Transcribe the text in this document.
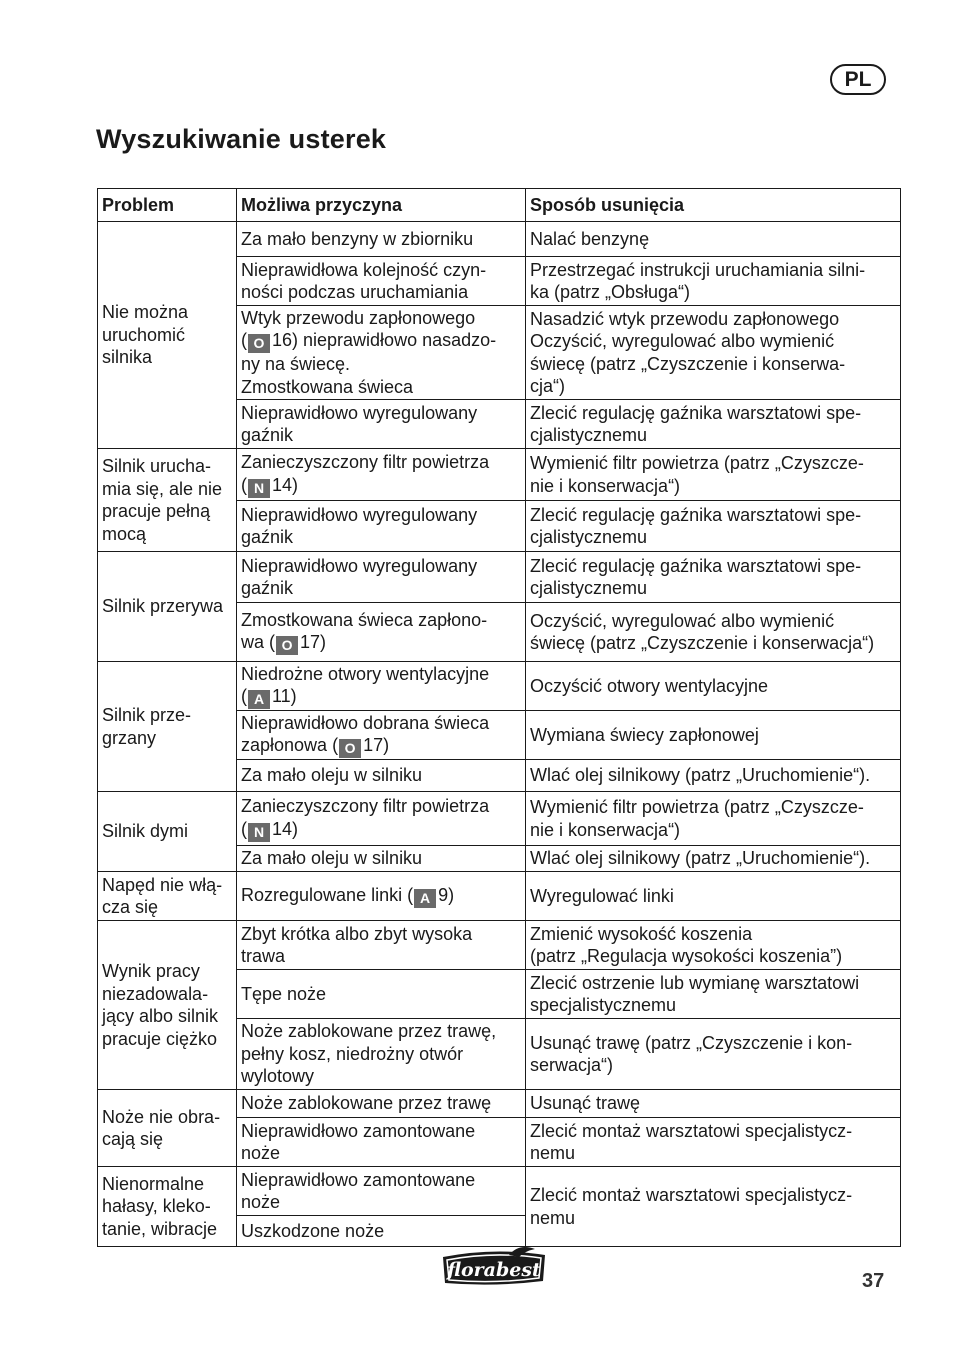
PL
Wyszukiwanie usterek
Problem	Możliwa przyczyna	Sposób usunięcia

Nie można
uruchomić
silnika	Za mało benzyny w zbiorniku	Nalać benzynę

	Nieprawidłowa kolejność czyn-
ności podczas uruchamiania	Przestrzegać instrukcji uruchamiania silni-
ka (patrz „Obsługa“)

	Wtyk przewodu zapłonowego
( O 16) nieprawidłowo nasadzo-
ny na świecę.
Zmostkowana świeca	Nasadzić wtyk przewodu zapłonowego
Oczyścić, wyregulować albo wymienić
świecę (patrz „Czyszczenie i konserwa-
cja“)

	Nieprawidłowo wyregulowany
gaźnik	Zlecić regulację gaźnika warsztatowi spe-
cjalistycznemu

Silnik urucha-
mia się, ale nie
pracuje pełną
mocą	Zanieczyszczony filtr powietrza
( N 14)	Wymienić filtr powietrza (patrz „Czyszcze-
nie i konserwacja“)

	Nieprawidłowo wyregulowany
gaźnik	Zlecić regulację gaźnika warsztatowi spe-
cjalistycznemu

Silnik przerywa	Nieprawidłowo wyregulowany
gaźnik	Zlecić regulację gaźnika warsztatowi spe-
cjalistycznemu

	Zmostkowana świeca zapłono-
wa ( O 17)	Oczyścić, wyregulować albo wymienić
świecę (patrz „Czyszczenie i konserwacja“)

Silnik prze-
grzany	Niedrożne otwory wentylacyjne
( A 11)	Oczyścić otwory wentylacyjne

	Nieprawidłowo dobrana świeca
zapłonowa ( O 17)	Wymiana świecy zapłonowej

	Za mało oleju w silniku	Wlać olej silnikowy (patrz „Uruchomienie“).

Silnik dymi	Zanieczyszczony filtr powietrza
( N 14)	Wymienić filtr powietrza (patrz „Czyszcze-
nie i konserwacja“)

	Za mało oleju w silniku	Wlać olej silnikowy (patrz „Uruchomienie“).

Napęd nie włą-
cza się	Rozregulowane linki ( A 9)	Wyregulować linki

Wynik pracy
niezadowala-
jący albo silnik
pracuje ciężko	Zbyt krótka albo zbyt wysoka
trawa	Zmienić wysokość koszenia
(patrz „Regulacja wysokości koszenia”)

	Tępe noże	Zlecić ostrzenie lub wymianę warsztatowi
specjalistycznemu

	Noże zablokowane przez trawę,
pełny kosz, niedrożny otwór
wylotowy	Usunąć trawę (patrz „Czyszczenie i kon-
serwacja“)

Noże nie obra-
cają się	Noże zablokowane przez trawę	Usunąć trawę

	Nieprawidłowo zamontowane
noże	Zlecić montaż warsztatowi specjalistycz-
nemu

Nienormalne
hałasy, kleko-
tanie, wibracje	Nieprawidłowo zamontowane
noże	Zlecić montaż warsztatowi specjalistycz-
nemu

	Uszkodzone noże	
florabest	37
